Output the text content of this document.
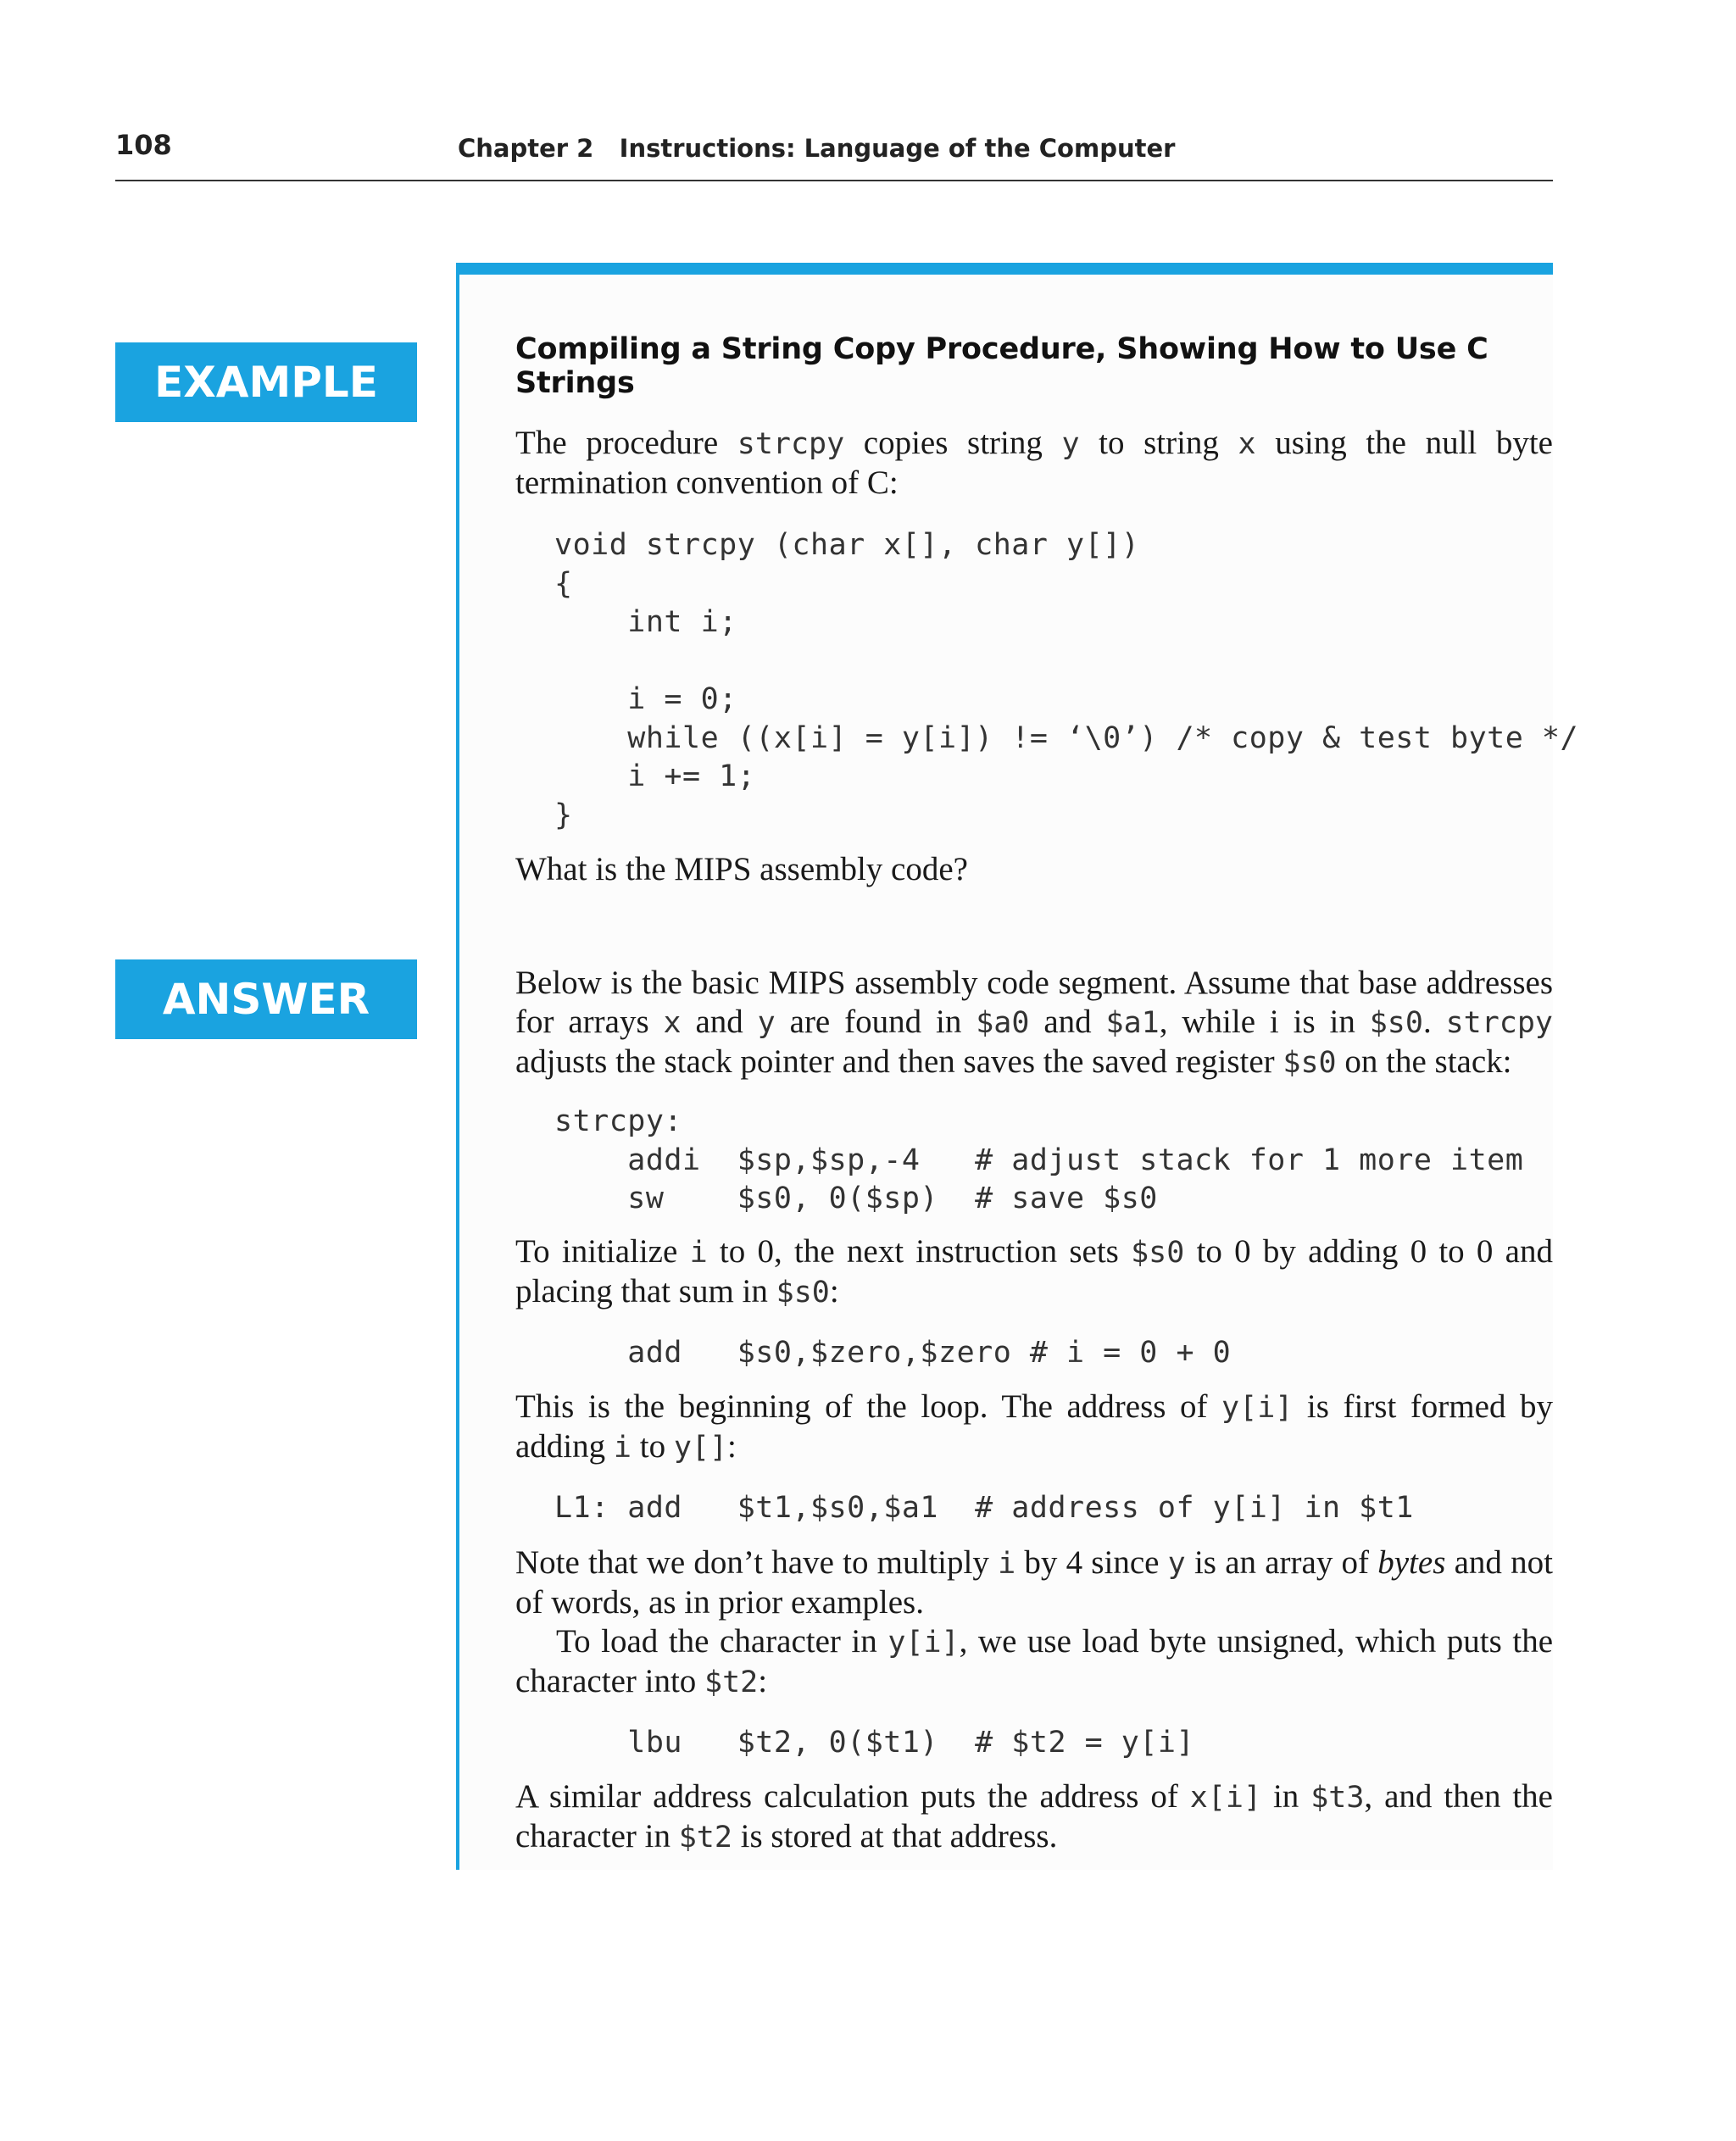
108	Chapter 2   Instructions: Language of the Computer
EXAMPLE
ANSWER
Compiling a String Copy Procedure, Showing How to Use C Strings

The procedure strcpy copies string y to string x using the null byte termination convention of C:

void strcpy (char x[], char y[])
{
int i;

i = 0;
while ((x[i] = y[i]) != ‘\0’) /* copy & test byte */
i += 1;
}

What is the MIPS assembly code?

Below is the basic MIPS assembly code segment. Assume that base addresses for arrays x and y are found in $a0 and $a1, while i is in $s0. strcpy adjusts the stack pointer and then saves the saved register $s0 on the stack:

strcpy:
addi  $sp,$sp,-4   # adjust stack for 1 more item
sw    $s0, 0($sp)  # save $s0

To initialize i to 0, the next instruction sets $s0 to 0 by adding 0 to 0 and placing that sum in $s0:

add   $s0,$zero,$zero # i = 0 + 0

This is the beginning of the loop. The address of y[i] is first formed by adding i to y[]:

L1: add   $t1,$s0,$a1  # address of y[i] in $t1

Note that we don’t have to multiply i by 4 since y is an array of bytes and not of words, as in prior examples.

To load the character in y[i], we use load byte unsigned, which puts the character into $t2:

lbu   $t2, 0($t1)  # $t2 = y[i]

A similar address calculation puts the address of x[i] in $t3, and then the character in $t2 is stored at that address.
